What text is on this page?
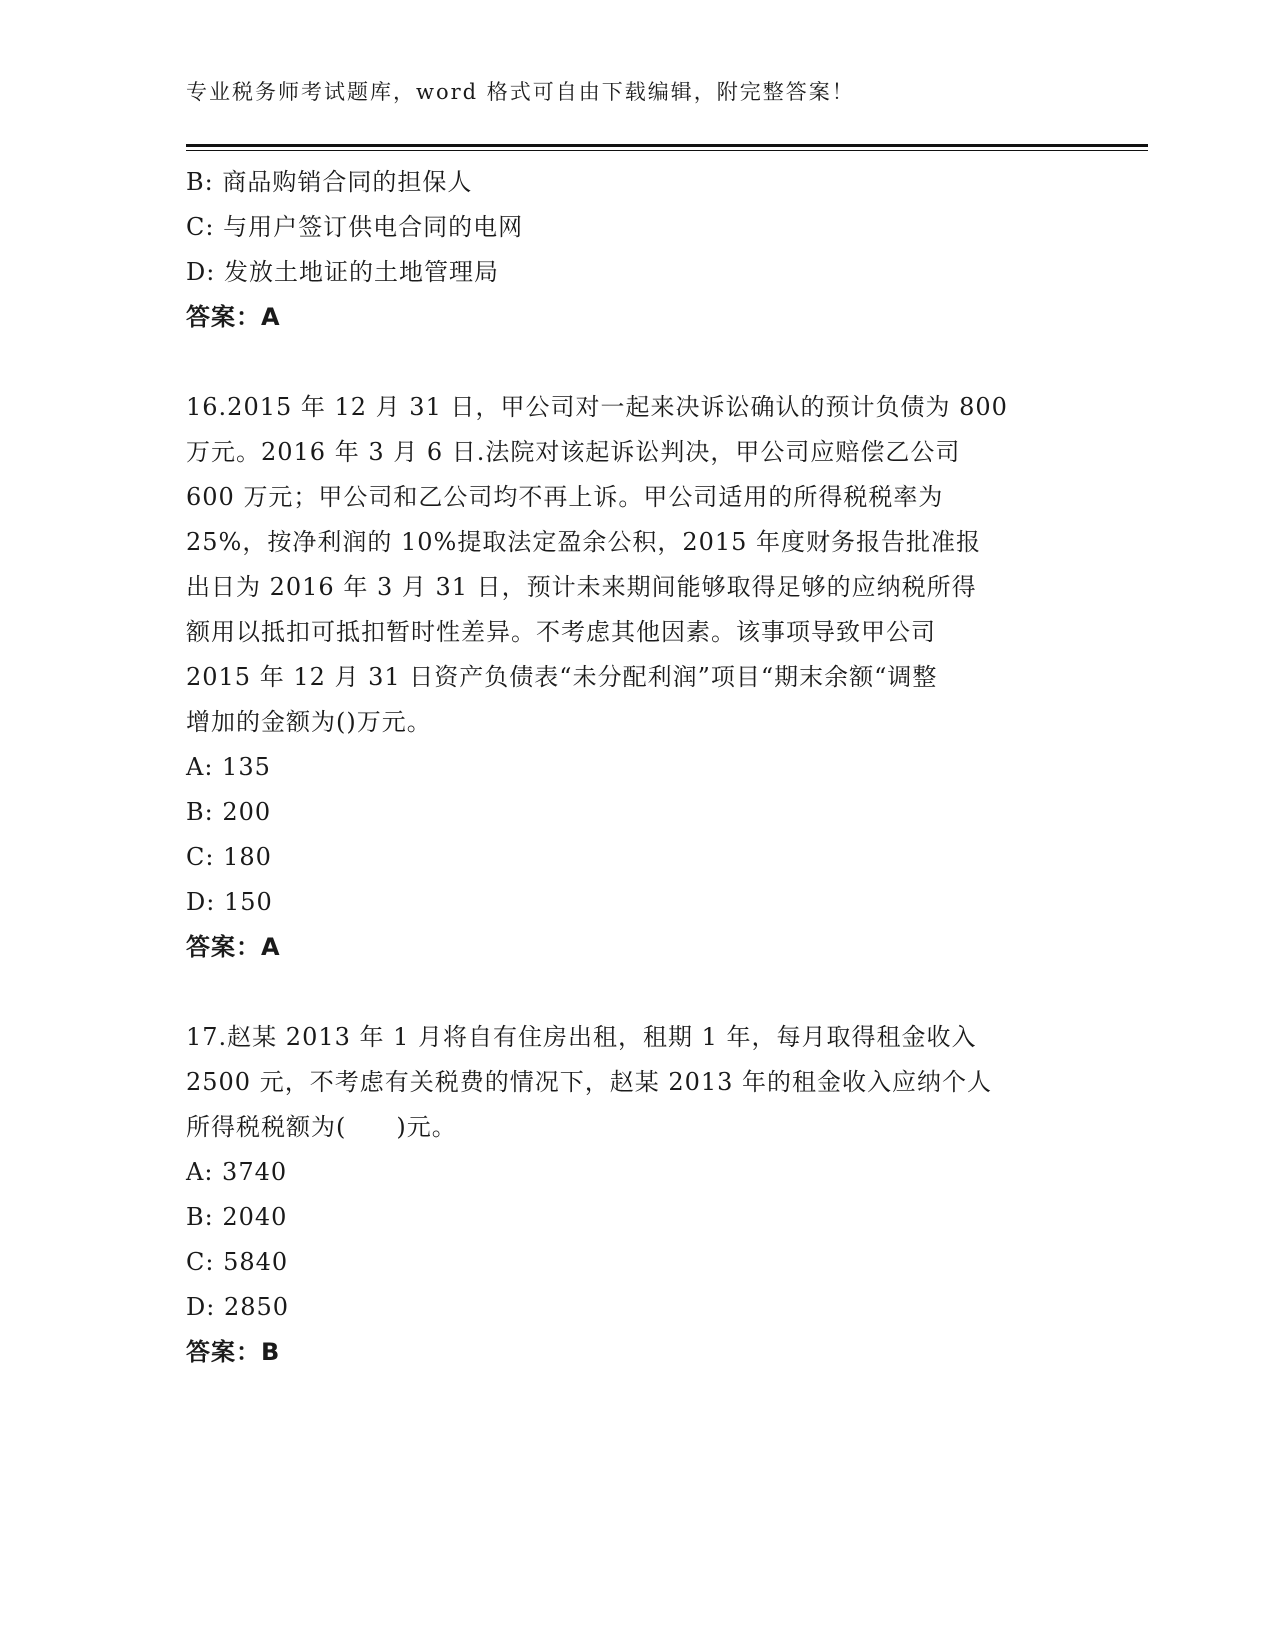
专业税务师考试题库，word 格式可自由下载编辑，附完整答案！
B: 商品购销合同的担保人
C: 与用户签订供电合同的电网
D: 发放土地证的土地管理局
答案：A
16.2015 年 12 月 31 日，甲公司对一起来决诉讼确认的预计负债为 800
万元。2016 年 3 月 6 日.法院对该起诉讼判决，甲公司应赔偿乙公司
600 万元；甲公司和乙公司均不再上诉。甲公司适用的所得税税率为
25%，按净利润的 10%提取法定盈余公积，2015 年度财务报告批准报
出日为 2016 年 3 月 31 日，预计未来期间能够取得足够的应纳税所得
额用以抵扣可抵扣暂时性差异。不考虑其他因素。该事项导致甲公司
2015 年 12 月 31 日资产负债表“未分配利润”项目“期末余额“调整
增加的金额为()万元。
A: 135
B: 200
C: 180
D: 150
答案：A
17.赵某 2013 年 1 月将自有住房出租，租期 1 年，每月取得租金收入
2500 元，不考虑有关税费的情况下，赵某 2013 年的租金收入应纳个人
所得税税额为(　　)元。
A: 3740
B: 2040
C: 5840
D: 2850
答案：B
